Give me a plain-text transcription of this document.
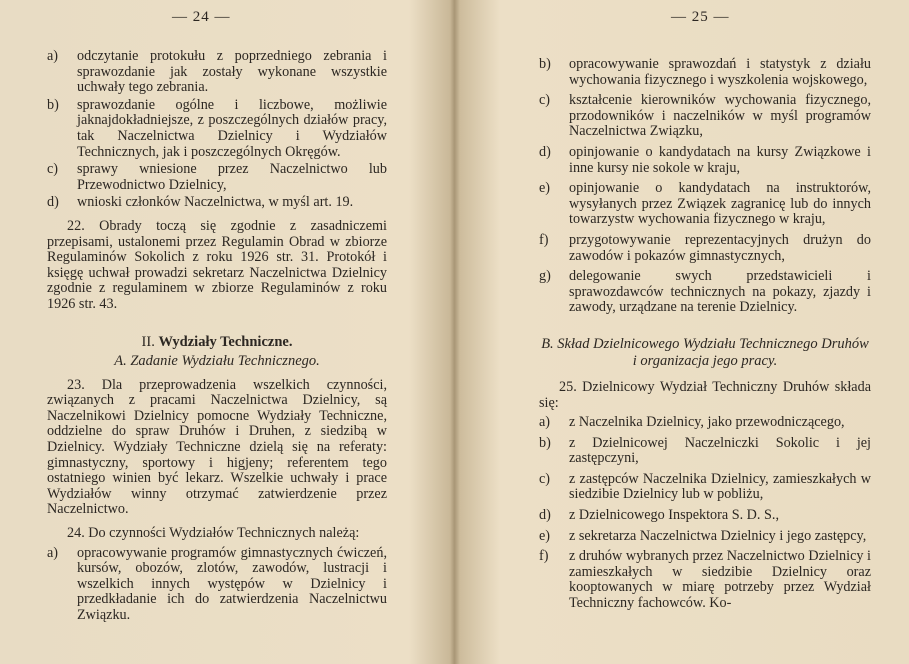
— 24 —
a)	odczytanie protokułu z poprzedniego zebrania i sprawozdanie jak zostały wykonane wszystkie uchwały tego zebrania.
b)	sprawozdanie ogólne i liczbowe, możliwie jaknajdokładniejsze, z poszczególnych działów pracy, tak Naczelnictwa Dzielnicy i Wydziałów Technicznych, jak i poszczególnych Okręgów.
c)	sprawy wniesione przez Naczelnictwo lub Przewodnictwo Dzielnicy,
d)	wnioski członków Naczelnictwa, w myśl art. 19.

22. Obrady toczą się zgodnie z zasadniczemi przepisami, ustalonemi przez Regulamin Obrad w zbiorze Regulaminów Sokolich z roku 1926 str. 31. Protokół i księgę uchwał prowadzi sekretarz Naczelnictwa Dzielnicy zgodnie z regulaminem w zbiorze Regulaminów z roku 1926 str. 43.

II. Wydziały Techniczne.
A. Zadanie Wydziału Technicznego.

23. Dla przeprowadzenia wszelkich czynności, związanych z pracami Naczelnictwa Dzielnicy, są Naczelnikowi Dzielnicy pomocne Wydziały Techniczne, oddzielne do spraw Druhów i Druhen, z siedzibą w Dzielnicy. Wydziały Techniczne dzielą się na referaty: gimnastyczny, sportowy i higjeny; referentem tego ostatniego winien być lekarz. Wszelkie uchwały i prace Wydziałów winny otrzymać zatwierdzenie przez Naczelnictwo.

24. Do czynności Wydziałów Technicznych należą:

a)	opracowywanie programów gimnastycznych ćwiczeń, kursów, obozów, zlotów, zawodów, lustracji i wszelkich innych występów w Dzielnicy i przedkładanie ich do zatwierdzenia Naczelnictwu Związku.
— 25 —
b)	opracowywanie sprawozdań i statystyk z działu wychowania fizycznego i wyszkolenia wojskowego,
c)	kształcenie kierowników wychowania fizycznego, przodowników i naczelników w myśl programów Naczelnictwa Związku,
d)	opinjowanie o kandydatach na kursy Związkowe i inne kursy nie sokole w kraju,
e)	opinjowanie o kandydatach na instruktorów, wysyłanych przez Związek zagranicę lub do innych towarzystw wychowania fizycznego w kraju,
f)	przygotowywanie reprezentacyjnych drużyn do zawodów i pokazów gimnastycznych,
g)	delegowanie swych przedstawicieli i sprawozdawców technicznych na pokazy, zjazdy i zawody, urządzane na terenie Dzielnicy.
B. Skład Dzielnicowego Wydziału Technicznego Druhów i organizacja jego pracy.

25. Dzielnicowy Wydział Techniczny Druhów składa się:

a)	z Naczelnika Dzielnicy, jako przewodniczącego,
b)	z Dzielnicowej Naczelniczki Sokolic i jej zastępczyni,
c)	z zastępców Naczelnika Dzielnicy, zamieszkałych w siedzibie Dzielnicy lub w pobliżu,
d)	z Dzielnicowego Inspektora S. D. S.,
e)	z sekretarza Naczelnictwa Dzielnicy i jego zastępcy,
f)	z druhów wybranych przez Naczelnictwo Dzielnicy i zamieszkałych w siedzibie Dzielnicy oraz kooptowanych w miarę potrzeby przez Wydział Techniczny fachowców. Ko-
